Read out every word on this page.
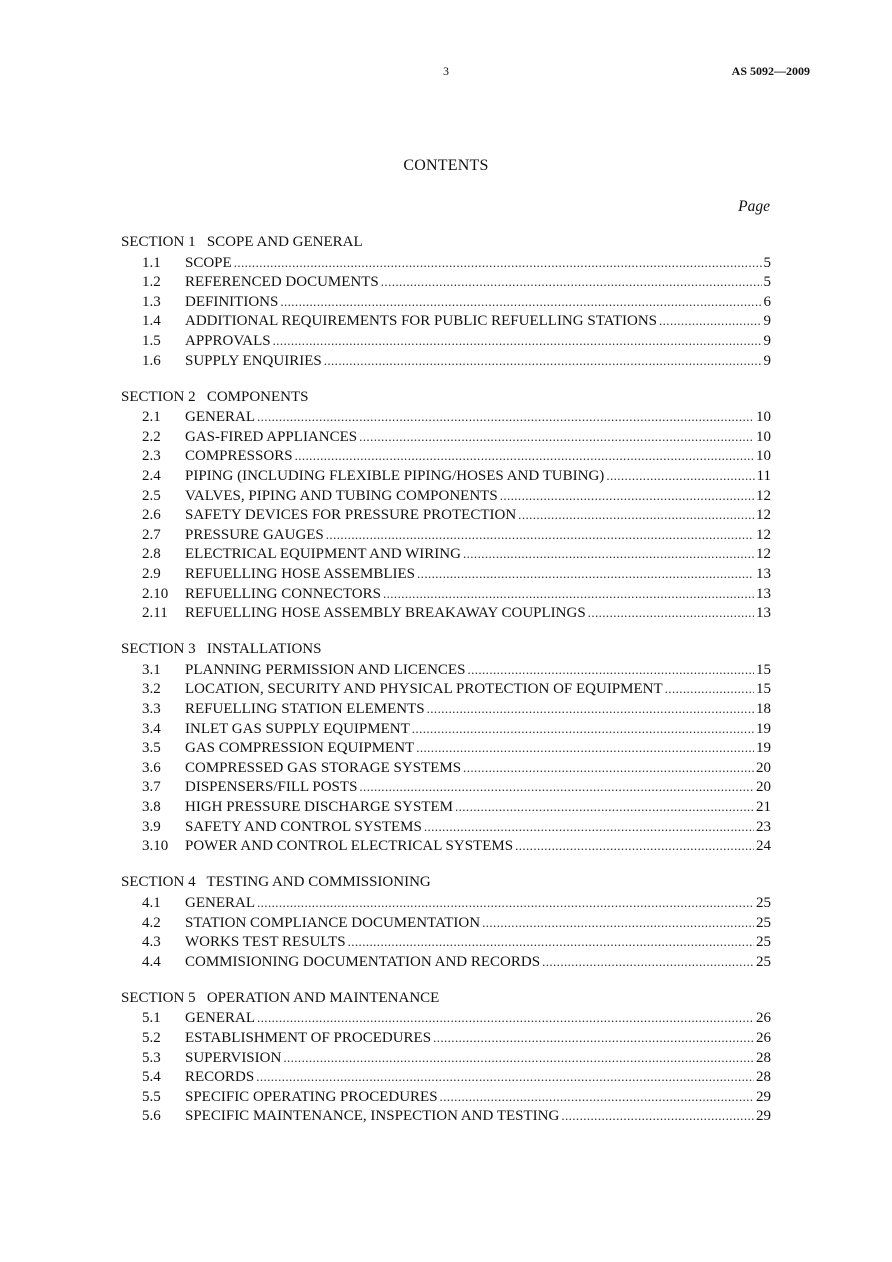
3	AS 5092—2009
CONTENTS
Page
SECTION 1   SCOPE AND GENERAL
1.1	SCOPE .....	5
1.2	REFERENCED DOCUMENTS .....	5
1.3	DEFINITIONS .....	6
1.4	ADDITIONAL REQUIREMENTS FOR PUBLIC REFUELLING STATIONS .....	9
1.5	APPROVALS .....	9
1.6	SUPPLY ENQUIRIES .....	9
SECTION 2   COMPONENTS
2.1	GENERAL .....	10
2.2	GAS-FIRED APPLIANCES .....	10
2.3	COMPRESSORS .....	10
2.4	PIPING (INCLUDING FLEXIBLE PIPING/HOSES AND TUBING) .....	11
2.5	VALVES, PIPING AND TUBING COMPONENTS .....	12
2.6	SAFETY DEVICES FOR PRESSURE PROTECTION .....	12
2.7	PRESSURE GAUGES .....	12
2.8	ELECTRICAL EQUIPMENT AND WIRING .....	12
2.9	REFUELLING HOSE ASSEMBLIES .....	13
2.10	REFUELLING CONNECTORS .....	13
2.11	REFUELLING HOSE ASSEMBLY BREAKAWAY COUPLINGS .....	13
SECTION 3   INSTALLATIONS
3.1	PLANNING PERMISSION AND LICENCES .....	15
3.2	LOCATION, SECURITY AND PHYSICAL PROTECTION OF EQUIPMENT .....	15
3.3	REFUELLING STATION ELEMENTS .....	18
3.4	INLET GAS SUPPLY EQUIPMENT .....	19
3.5	GAS COMPRESSION EQUIPMENT .....	19
3.6	COMPRESSED GAS STORAGE SYSTEMS .....	20
3.7	DISPENSERS/FILL POSTS .....	20
3.8	HIGH PRESSURE DISCHARGE SYSTEM .....	21
3.9	SAFETY AND CONTROL SYSTEMS .....	23
3.10	POWER AND CONTROL ELECTRICAL SYSTEMS .....	24
SECTION 4   TESTING AND COMMISSIONING
4.1	GENERAL .....	25
4.2	STATION COMPLIANCE DOCUMENTATION .....	25
4.3	WORKS TEST RESULTS .....	25
4.4	COMMISIONING DOCUMENTATION AND RECORDS .....	25
SECTION 5   OPERATION AND MAINTENANCE
5.1	GENERAL .....	26
5.2	ESTABLISHMENT OF PROCEDURES .....	26
5.3	SUPERVISION .....	28
5.4	RECORDS .....	28
5.5	SPECIFIC OPERATING PROCEDURES .....	29
5.6	SPECIFIC MAINTENANCE, INSPECTION AND TESTING .....	29
